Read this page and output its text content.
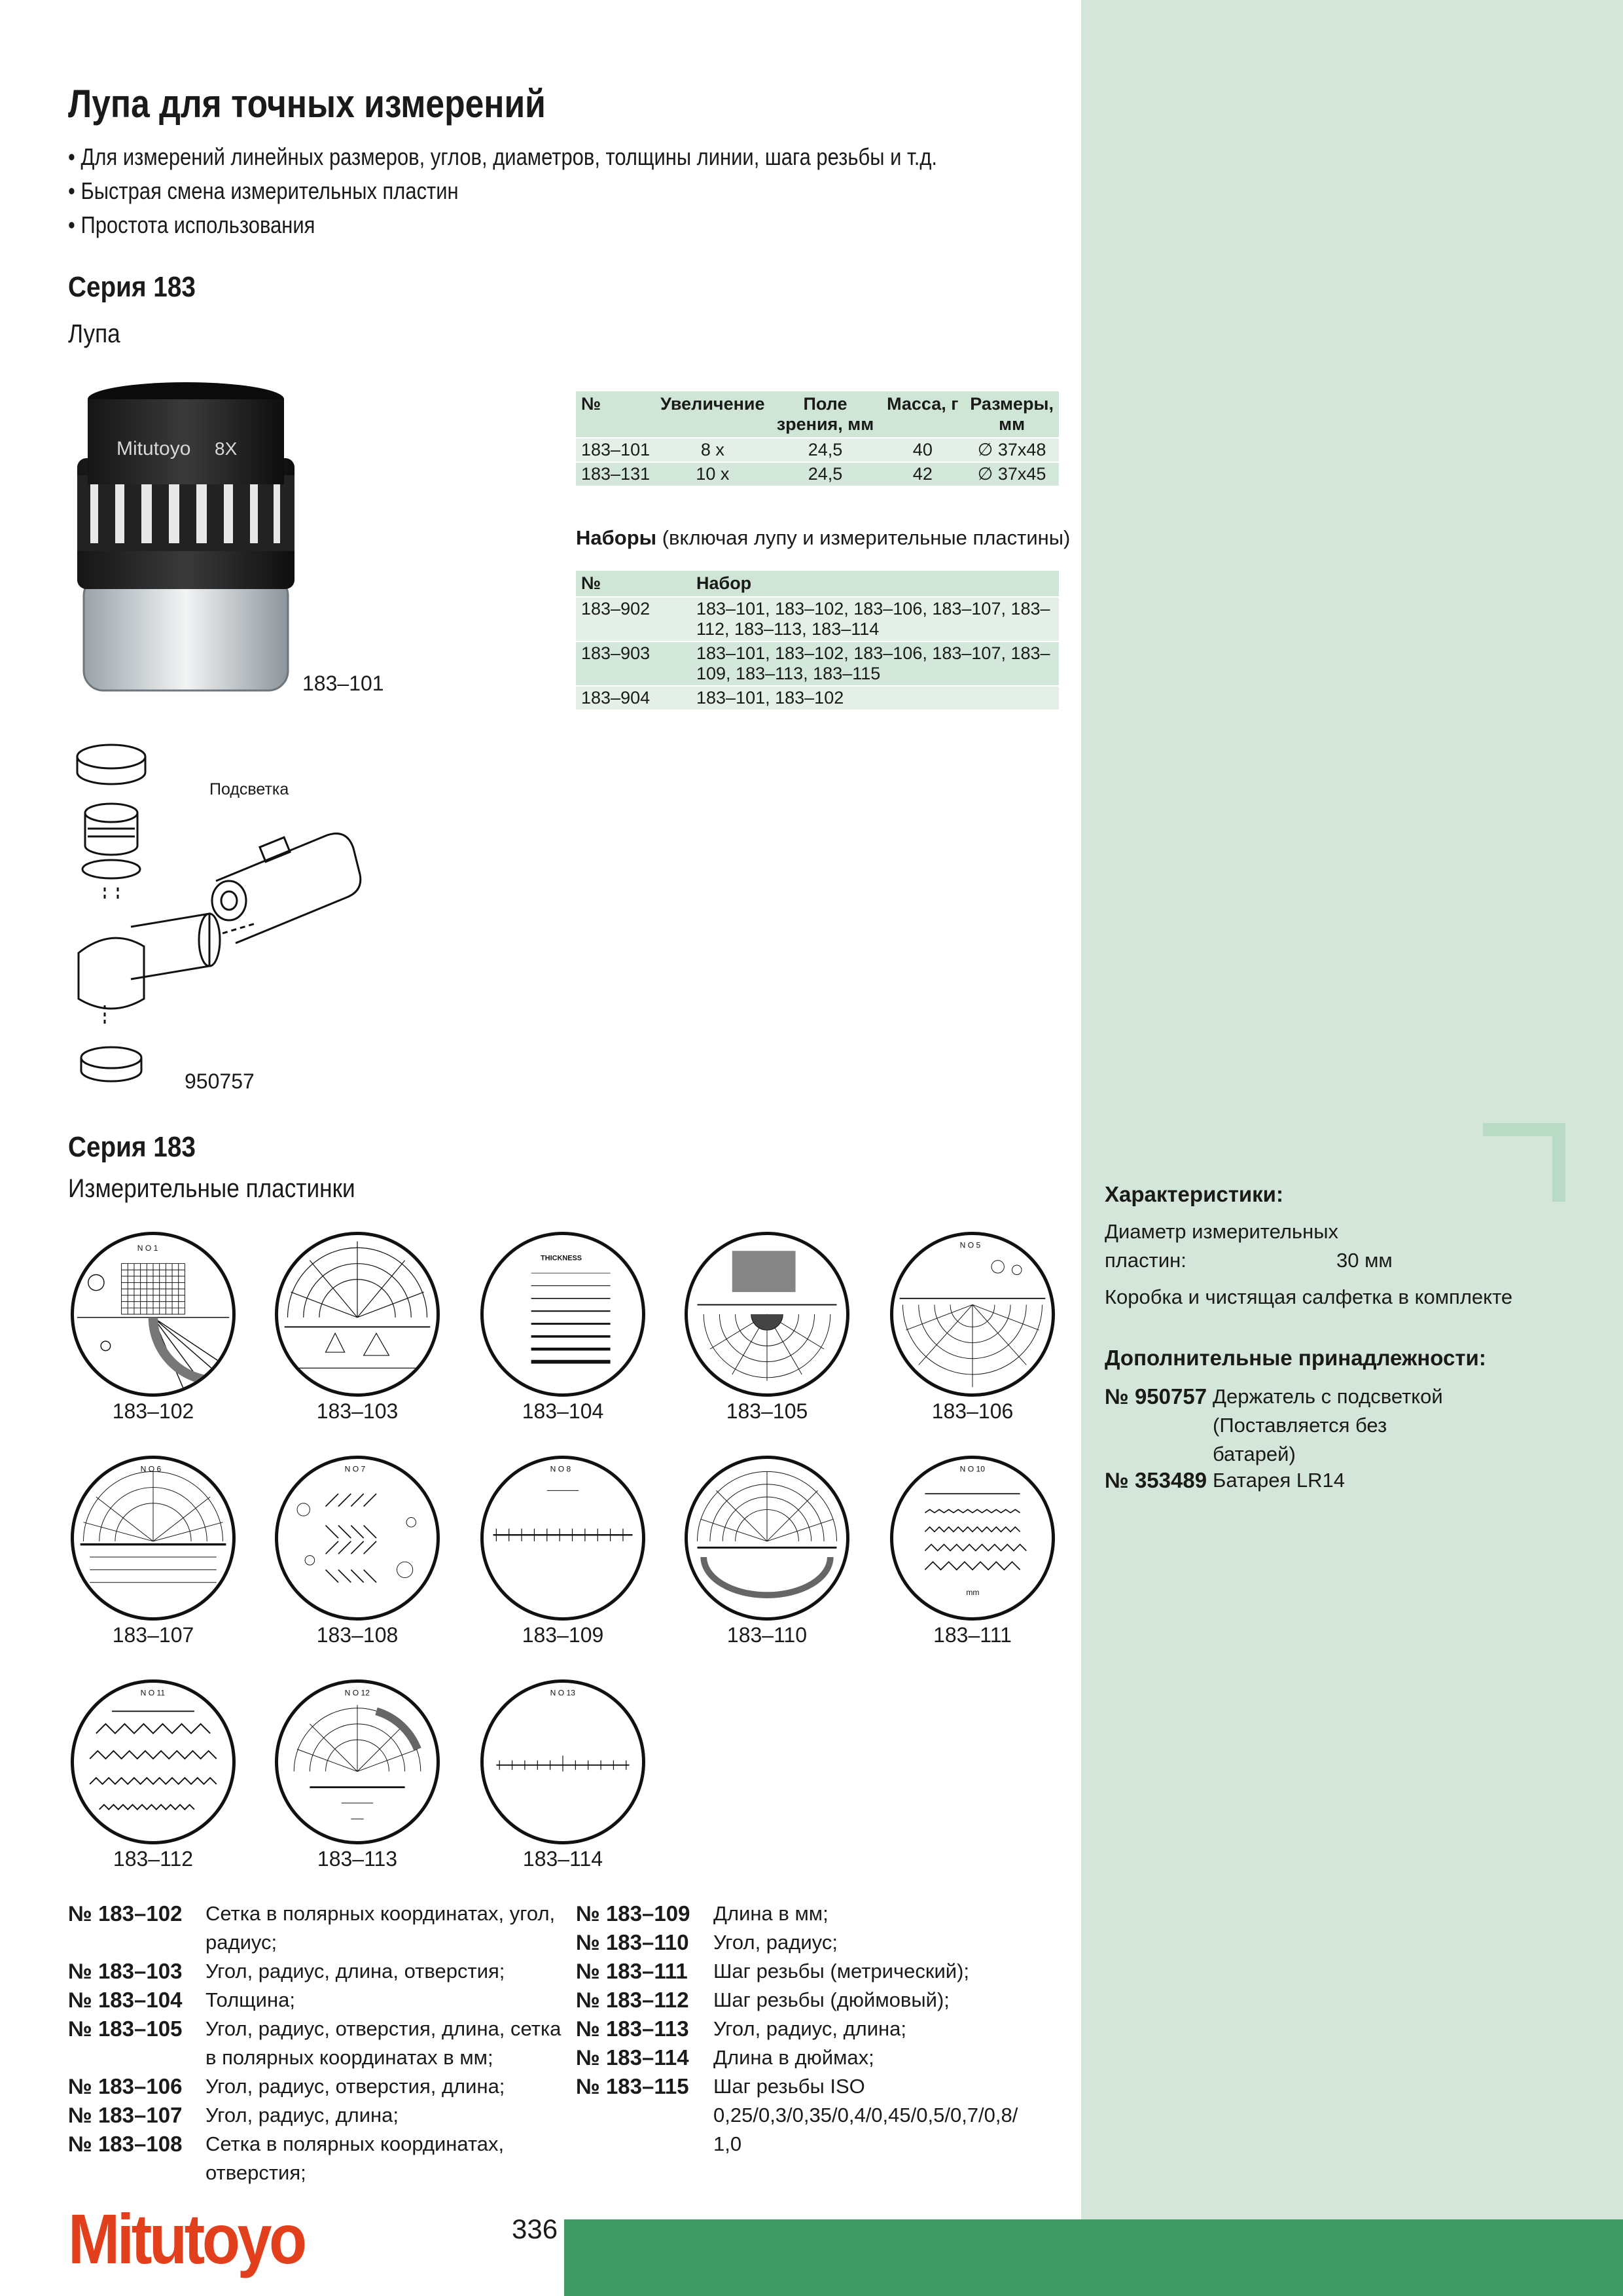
Лупа для точных измерений
• Для измерений линейных размеров, углов, диаметров, толщины линии, шага резьбы и т.д.
• Быстрая смена измерительных пластин
• Простота использования
Серия 183
Лупа
Mitutoyo 8X
183–101
Подсветка
950757
№	Увеличение	Поле зрения, мм	Масса, г	Размеры, мм
183–101	8 x	24,5	40	∅ 37x48
183–131	10 x	24,5	42	∅ 37x45
Наборы (включая лупу и измерительные пластины)
№	Набор
183–902	183–101, 183–102, 183–106, 183–107, 183–112, 183–113, 183–114
183–903	183–101, 183–102, 183–106, 183–107, 183–109, 183–113, 183–115
183–904	183–101, 183–102
Серия 183
Измерительные пластинки
N O 1
THICKNESS
N O 5
183–102	183–103	183–104	183–105	183–106
N O 6	N O 7	N O 8	N O 10
mm
183–107	183–108	183–109	183–110	183–111
N O 11	N O 12	N O 13
183–112	183–113	183–114
№ 183–102	Сетка в полярных координатах, угол, радиус;
№ 183–103	Угол, радиус, длина, отверстия;
№ 183–104	Толщина;
№ 183–105	Угол, радиус, отверстия, длина, сетка в полярных координатах в мм;
№ 183–106	Угол, радиус, отверстия, длина;
№ 183–107	Угол, радиус, длина;
№ 183–108	Сетка в полярных координатах, отверстия;
№ 183–109	Длина в мм;
№ 183–110	Угол, радиус;
№ 183–111	Шаг резьбы (метрический);
№ 183–112	Шаг резьбы (дюймовый);
№ 183–113	Угол, радиус, длина;
№ 183–114	Длина в дюймах;
№ 183–115	Шаг резьбы ISO 0,25/0,3/0,35/0,4/0,45/0,5/0,7/0,8/ 1,0
Характеристики:
Диаметр измерительных пластин:	30 мм
Коробка и чистящая салфетка в комплекте
Дополнительные принадлежности:
№ 950757 Держатель с подсветкой (Поставляется без батарей)
№ 353489 Батарея LR14
Mitutoyo	336
